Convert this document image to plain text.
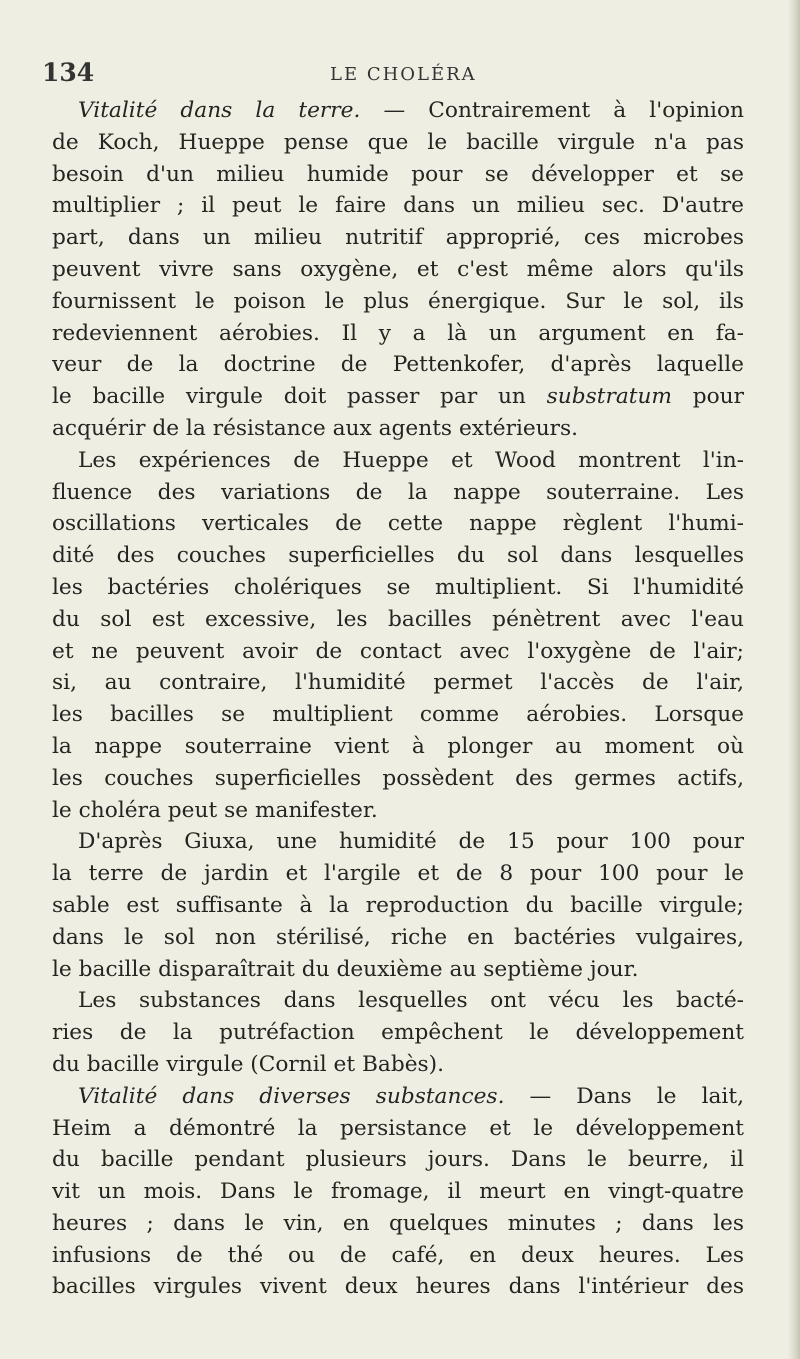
134	LE CHOLÉRA
Vitalité dans la terre. — Contrairement à l'opinion
de Koch, Hueppe pense que le bacille virgule n'a pas
besoin d'un milieu humide pour se développer et se
multiplier ; il peut le faire dans un milieu sec. D'autre
part, dans un milieu nutritif approprié, ces microbes
peuvent vivre sans oxygène, et c'est même alors qu'ils
fournissent le poison le plus énergique. Sur le sol, ils
redeviennent aérobies. Il y a là un argument en fa-
veur de la doctrine de Pettenkofer, d'après laquelle
le bacille virgule doit passer par un substratum pour
acquérir de la résistance aux agents extérieurs.
Les expériences de Hueppe et Wood montrent l'in-
fluence des variations de la nappe souterraine. Les
oscillations verticales de cette nappe règlent l'humi-
dité des couches superficielles du sol dans lesquelles
les bactéries cholériques se multiplient. Si l'humidité
du sol est excessive, les bacilles pénètrent avec l'eau
et ne peuvent avoir de contact avec l'oxygène de l'air;
si, au contraire, l'humidité permet l'accès de l'air,
les bacilles se multiplient comme aérobies. Lorsque
la nappe souterraine vient à plonger au moment où
les couches superficielles possèdent des germes actifs,
le choléra peut se manifester.
D'après Giuxa, une humidité de 15 pour 100 pour
la terre de jardin et l'argile et de 8 pour 100 pour le
sable est suffisante à la reproduction du bacille virgule;
dans le sol non stérilisé, riche en bactéries vulgaires,
le bacille disparaîtrait du deuxième au septième jour.
Les substances dans lesquelles ont vécu les bacté-
ries de la putréfaction empêchent le développement
du bacille virgule (Cornil et Babès).
Vitalité dans diverses substances. — Dans le lait,
Heim a démontré la persistance et le développement
du bacille pendant plusieurs jours. Dans le beurre, il
vit un mois. Dans le fromage, il meurt en vingt-quatre
heures ; dans le vin, en quelques minutes ; dans les
infusions de thé ou de café, en deux heures. Les
bacilles virgules vivent deux heures dans l'intérieur des
